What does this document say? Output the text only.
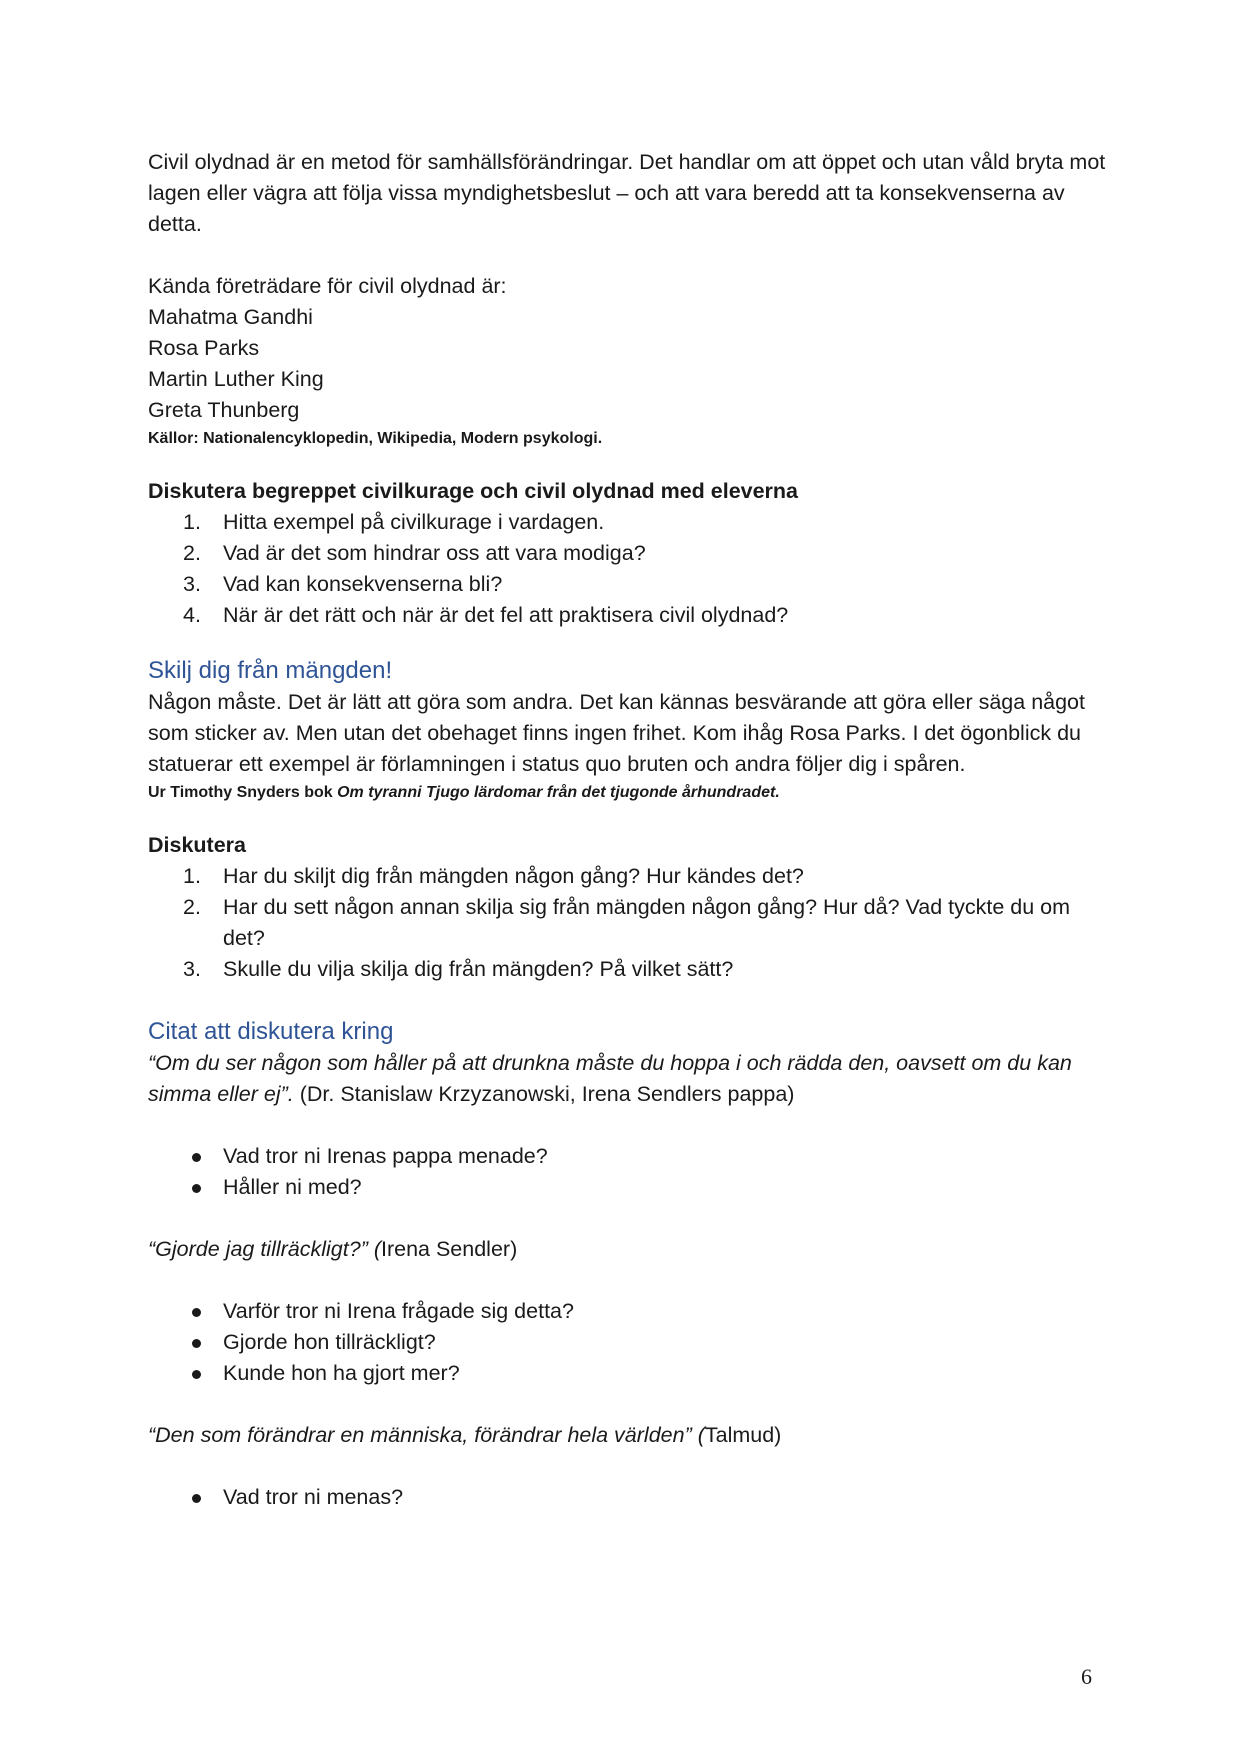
Civil olydnad är en metod för samhällsförändringar. Det handlar om att öppet och utan våld bryta mot lagen eller vägra att följa vissa myndighetsbeslut – och att vara beredd att ta konsekvenserna av detta.

Kända företrädare för civil olydnad är:

Mahatma Gandhi

Rosa Parks

Martin Luther King

Greta Thunberg

Källor: Nationalencyklopedin, Wikipedia, Modern psykologi.

Diskutera begreppet civilkurage och civil olydnad med eleverna

1.	Hitta exempel på civilkurage i vardagen.
2.	Vad är det som hindrar oss att vara modiga?
3.	Vad kan konsekvenserna bli?
4.	När är det rätt och när är det fel att praktisera civil olydnad?
Skilj dig från mängden!

Någon måste. Det är lätt att göra som andra. Det kan kännas besvärande att göra eller säga något som sticker av. Men utan det obehaget finns ingen frihet. Kom ihåg Rosa Parks. I det ögonblick du statuerar ett exempel är förlamningen i status quo bruten och andra följer dig i spåren.

Ur Timothy Snyders bok Om tyranni Tjugo lärdomar från det tjugonde århundradet.

Diskutera

1.	Har du skiljt dig från mängden någon gång? Hur kändes det?
2.	Har du sett någon annan skilja sig från mängden någon gång? Hur då? Vad tyckte du om det?
3.	Skulle du vilja skilja dig från mängden? På vilket sätt?
Citat att diskutera kring

“Om du ser någon som håller på att drunkna måste du hoppa i och rädda den, oavsett om du kan simma eller ej”. (Dr. Stanislaw Krzyzanowski, Irena Sendlers pappa)

Vad tror ni Irenas pappa menade?
Håller ni med?

“Gjorde jag tillräckligt?” (Irena Sendler)

Varför tror ni Irena frågade sig detta?
Gjorde hon tillräckligt?
Kunde hon ha gjort mer?

“Den som förändrar en människa, förändrar hela världen” (Talmud)

Vad tror ni menas?
6
